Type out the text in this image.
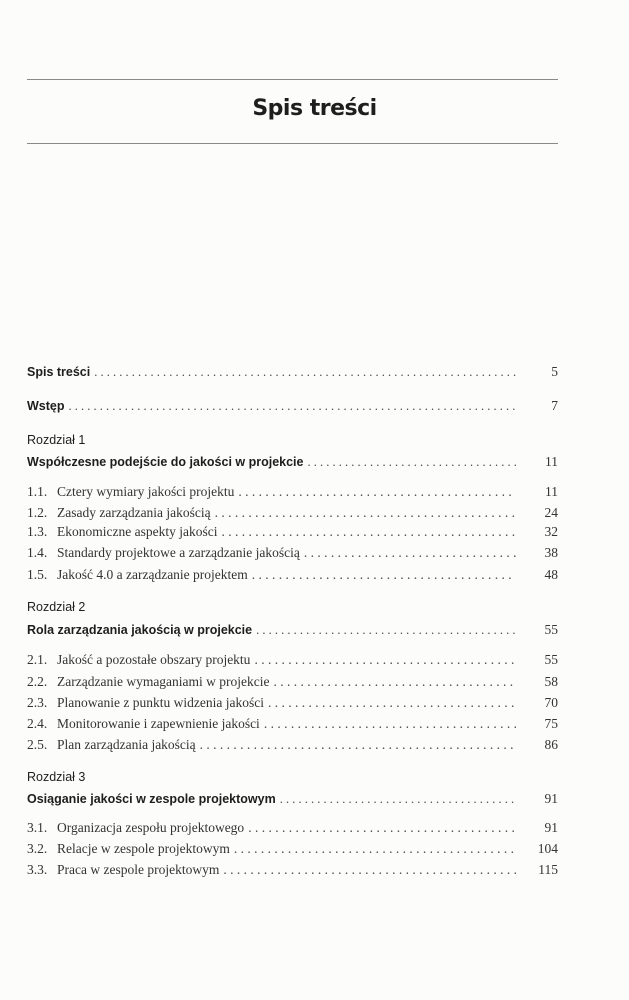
Spis treści
Spis treści . . .	5
Wstęp . . .	7
Rozdział 1
Współczesne podejście do jakości w projekcie . . .	11
1.1. Cztery wymiary jakości projektu . . .	11
1.2. Zasady zarządzania jakością . . .	24
1.3. Ekonomiczne aspekty jakości . . .	32
1.4. Standardy projektowe a zarządzanie jakością . . .	38
1.5. Jakość 4.0 a zarządzanie projektem . . .	48
Rozdział 2
Rola zarządzania jakością w projekcie . . .	55
2.1. Jakość a pozostałe obszary projektu . . .	55
2.2. Zarządzanie wymaganiami w projekcie . . .	58
2.3. Planowanie z punktu widzenia jakości . . .	70
2.4. Monitorowanie i zapewnienie jakości . . .	75
2.5. Plan zarządzania jakością . . .	86
Rozdział 3
Osiąganie jakości w zespole projektowym . . .	91
3.1. Organizacja zespołu projektowego . . .	91
3.2. Relacje w zespole projektowym . . .	104
3.3. Praca w zespole projektowym . . .	115
